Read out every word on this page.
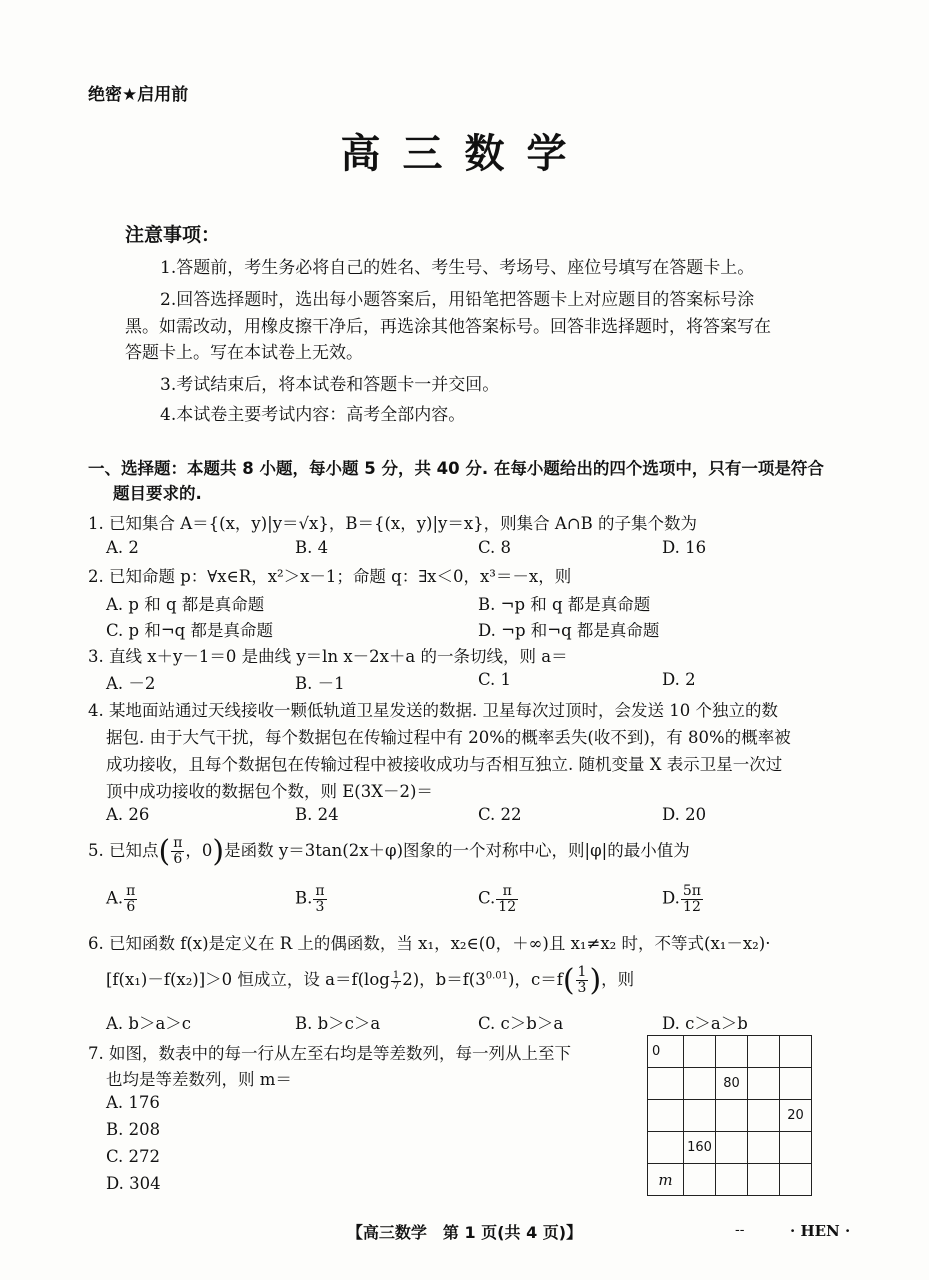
绝密★启用前
高三数学
注意事项：
1.答题前，考生务必将自己的姓名、考生号、考场号、座位号填写在答题卡上。
2.回答选择题时，选出每小题答案后，用铅笔把答题卡上对应题目的答案标号涂
黑。如需改动，用橡皮擦干净后，再选涂其他答案标号。回答非选择题时，将答案写在
答题卡上。写在本试卷上无效。
3.考试结束后，将本试卷和答题卡一并交回。
4.本试卷主要考试内容：高考全部内容。
一、选择题：本题共 8 小题，每小题 5 分，共 40 分. 在每小题给出的四个选项中，只有一项是符合
题目要求的.
1. 已知集合 A＝{(x，y)|y＝√x}，B＝{(x，y)|y＝x}，则集合 A∩B 的子集个数为
A. 2	B. 4	C. 8	D. 16
2. 已知命题 p：∀x∈R，x²＞x－1；命题 q：∃x＜0，x³＝－x，则
A. p 和 q 都是真命题	B. ¬p 和 q 都是真命题
C. p 和¬q 都是真命题	D. ¬p 和¬q 都是真命题
3. 直线 x＋y－1＝0 是曲线 y＝ln x－2x＋a 的一条切线，则 a＝
A. －2	B. －1	C. 1	D. 2
4. 某地面站通过天线接收一颗低轨道卫星发送的数据. 卫星每次过顶时，会发送 10 个独立的数
据包. 由于大气干扰，每个数据包在传输过程中有 20%的概率丢失(收不到)，有 80%的概率被
成功接收，且每个数据包在传输过程中被接收成功与否相互独立. 随机变量 X 表示卫星一次过
顶中成功接收的数据包个数，则 E(3X－2)＝
A. 26	B. 24	C. 22	D. 20
5. 已知点( $\frac{\pi}{6}$ ，0)是函数 y＝3tan(2x＋φ)图象的一个对称中心，则|φ|的最小值为
A. $\frac{\pi}{6}$	B. $\frac{\pi}{3}$	C. $\frac{\pi}{12}$	D. $\frac{5\pi}{12}$
6. 已知函数 f(x)是定义在 R 上的偶函数，当 x₁，x₂∈(0，＋∞)且 x₁≠x₂ 时，不等式(x₁－x₂)·
[f(x₁)－f(x₂)]＞0 恒成立，设 $a=f(\log \frac{1}{7} 2)$，$b=f(3^{0.01})$，$c=f( \frac{1}{3}$ )，则
A. b＞a＞c	B. b＞c＞a	C. c＞b＞a	D. c＞a＞b
7. 如图，数表中的每一行从左至右均是等差数列，每一列从上至下
也均是等差数列，则 m＝
A. 176
B. 208
C. 272
D. 304
0				
		80		
				20
	160			
m				
【高三数学　第 1 页(共 4 页)】	--	· HEN ·
